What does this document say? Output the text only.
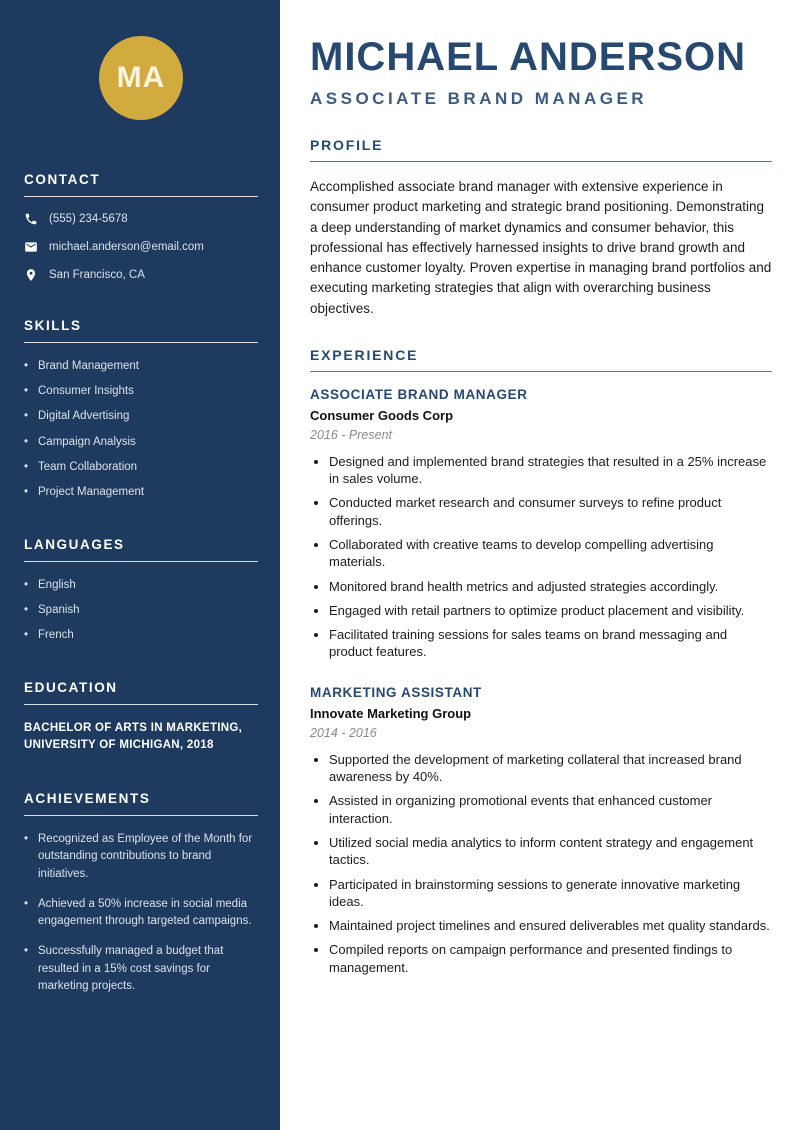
MA
CONTACT
(555) 234-5678
michael.anderson@email.com
San Francisco, CA
SKILLS
• Brand Management
• Consumer Insights
• Digital Advertising
• Campaign Analysis
• Team Collaboration
• Project Management
LANGUAGES
• English
• Spanish
• French
EDUCATION
BACHELOR OF ARTS IN MARKETING, UNIVERSITY OF MICHIGAN, 2018
ACHIEVEMENTS
• Recognized as Employee of the Month for outstanding contributions to brand initiatives.
• Achieved a 50% increase in social media engagement through targeted campaigns.
• Successfully managed a budget that resulted in a 15% cost savings for marketing projects.
MICHAEL ANDERSON
ASSOCIATE BRAND MANAGER
PROFILE

Accomplished associate brand manager with extensive experience in consumer product marketing and strategic brand positioning. Demonstrating a deep understanding of market dynamics and consumer behavior, this professional has effectively harnessed insights to drive brand growth and enhance customer loyalty. Proven expertise in managing brand portfolios and executing marketing strategies that align with overarching business objectives.

EXPERIENCE
ASSOCIATE BRAND MANAGER
Consumer Goods Corp
2016 - Present
• Designed and implemented brand strategies that resulted in a 25% increase in sales volume.
• Conducted market research and consumer surveys to refine product offerings.
• Collaborated with creative teams to develop compelling advertising materials.
• Monitored brand health metrics and adjusted strategies accordingly.
• Engaged with retail partners to optimize product placement and visibility.
• Facilitated training sessions for sales teams on brand messaging and product features.
MARKETING ASSISTANT
Innovate Marketing Group
2014 - 2016
• Supported the development of marketing collateral that increased brand awareness by 40%.
• Assisted in organizing promotional events that enhanced customer interaction.
• Utilized social media analytics to inform content strategy and engagement tactics.
• Participated in brainstorming sessions to generate innovative marketing ideas.
• Maintained project timelines and ensured deliverables met quality standards.
• Compiled reports on campaign performance and presented findings to management.
